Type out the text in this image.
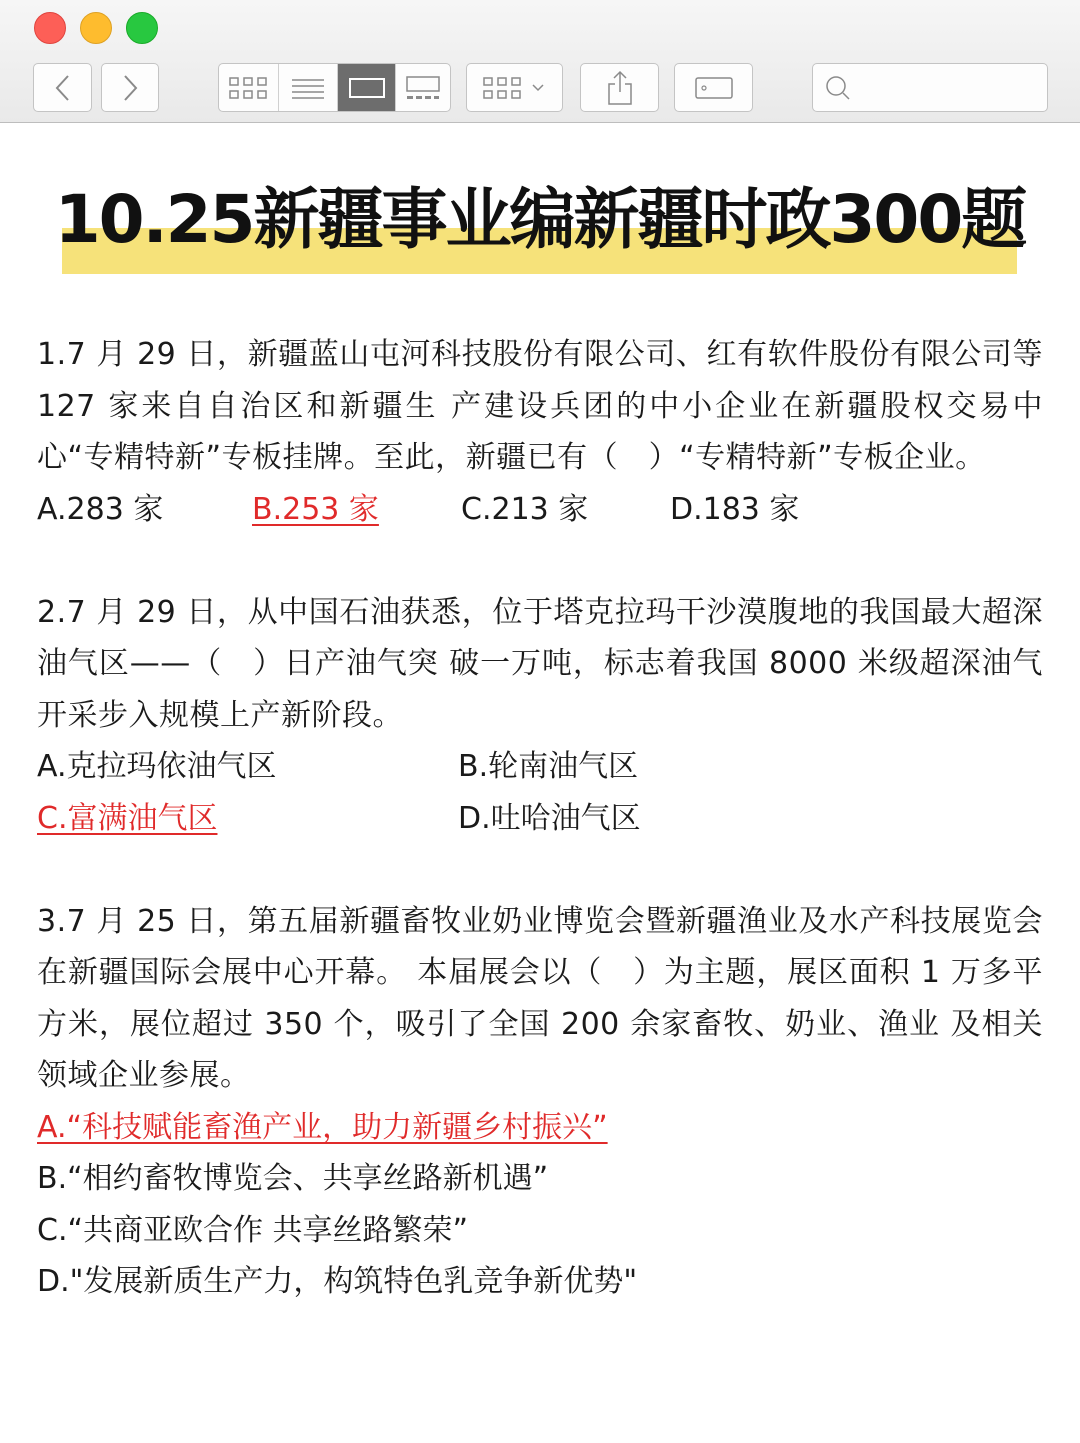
10.25新疆事业编新疆时政300题

1.7 月 29 日，新疆蓝山屯河科技股份有限公司、红有软件股份有限公司等 127 家来自自治区和新疆生 产建设兵团的中小企业在新疆股权交易中心“专精特新”专板挂牌。至此，新疆已有（　）“专精特新”专板企业。

A.283 家	B.253 家	C.213 家	D.183 家

2.7 月 29 日，从中国石油获悉，位于塔克拉玛干沙漠腹地的我国最大超深油气区——（　）日产油气突 破一万吨，标志着我国 8000 米级超深油气开采步入规模上产新阶段。

A.克拉玛依油气区	B.轮南油气区
C.富满油气区	D.吐哈油气区

3.7 月 25 日，第五届新疆畜牧业奶业博览会暨新疆渔业及水产科技展览会在新疆国际会展中心开幕。 本届展会以（　）为主题，展区面积 1 万多平方米，展位超过 350 个，吸引了全国 200 余家畜牧、奶业、渔业 及相关领域企业参展。

A.“科技赋能畜渔产业，助力新疆乡村振兴”
B.“相约畜牧博览会、共享丝路新机遇”
C.“共商亚欧合作 共享丝路繁荣”
D."发展新质生产力，构筑特色乳竞争新优势"
